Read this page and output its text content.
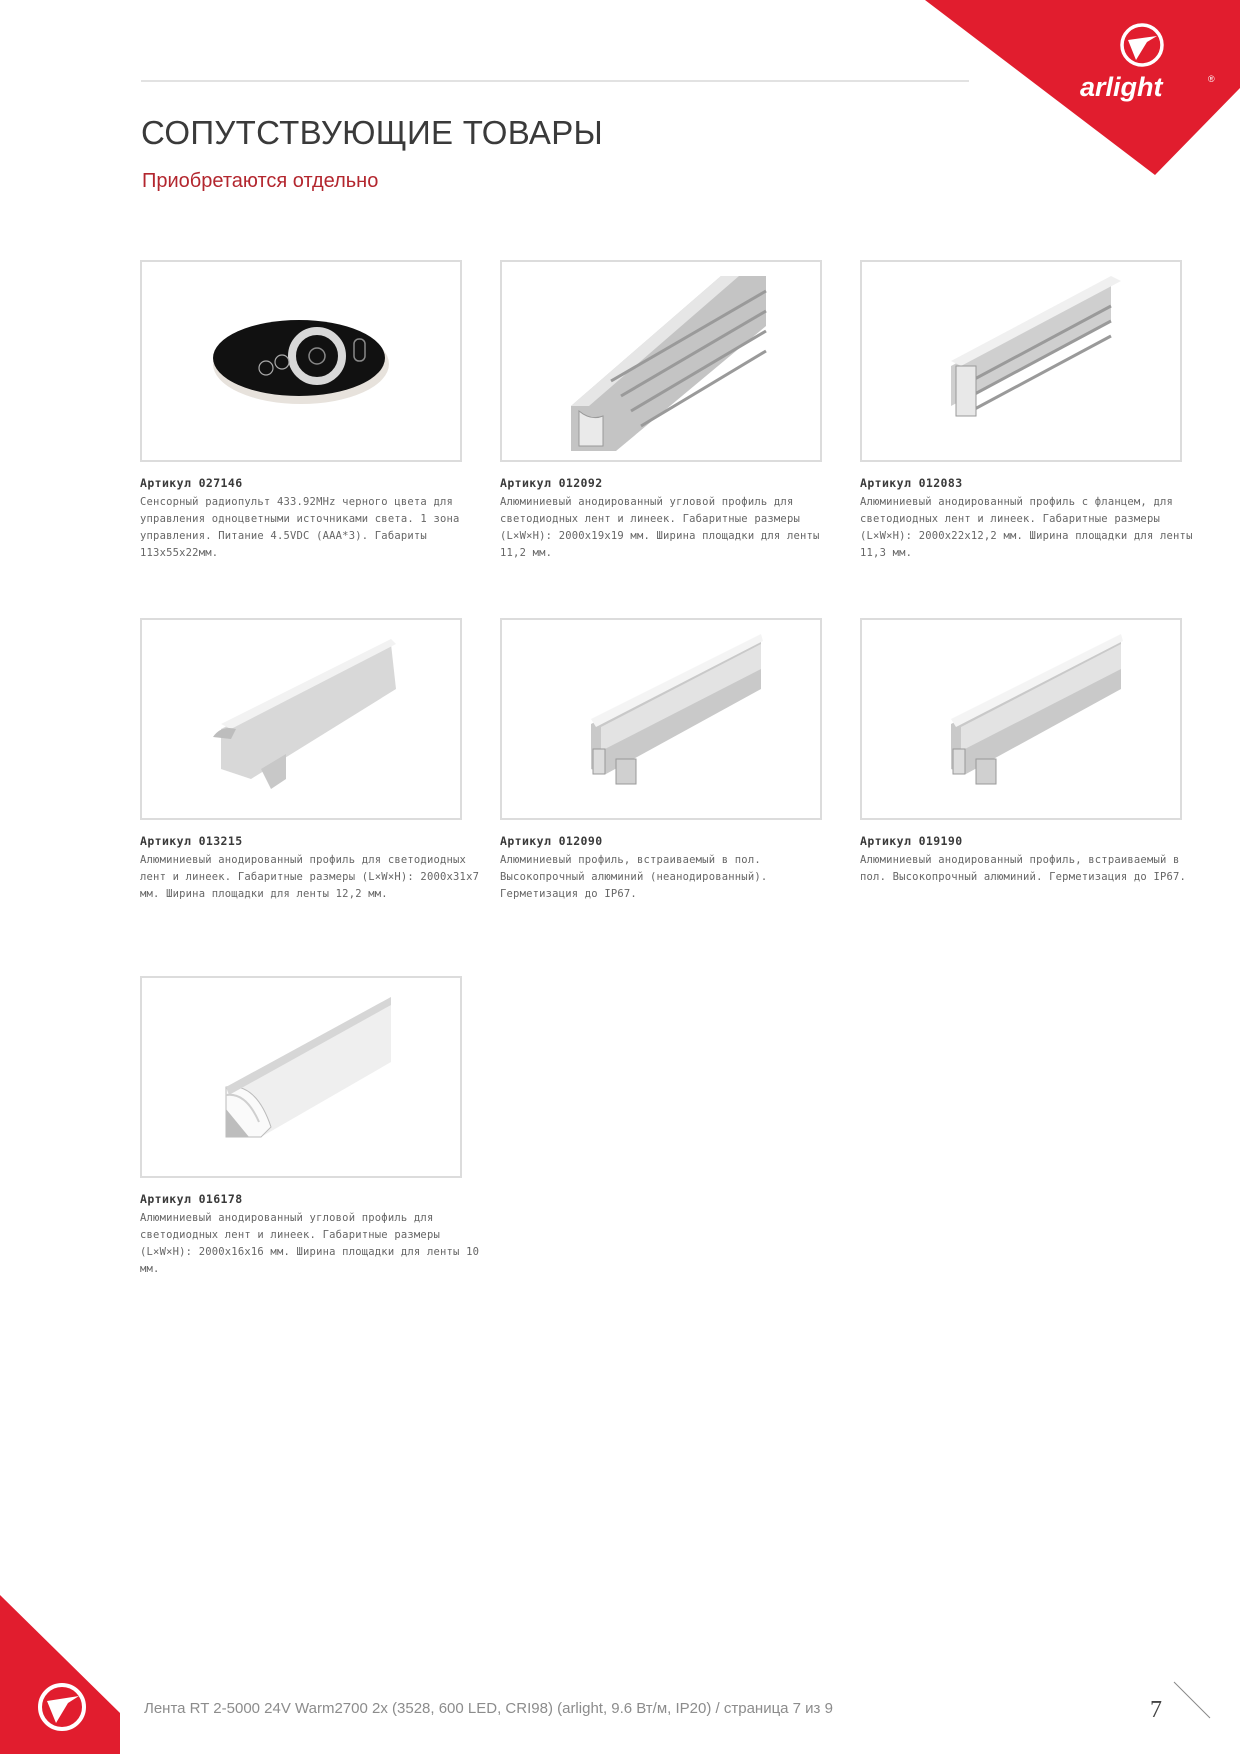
arlight	®
СОПУТСТВУЮЩИЕ ТОВАРЫ
Приобретаются отдельно
Артикул 027146
Сенсорный радиопульт 433.92MHz черного цвета для управления одноцветными источниками света. 1 зона управления. Питание 4.5VDC (AAA*3). Габариты 113x55x22мм.
Артикул 012092
Алюминиевый анодированный угловой профиль для светодиодных лент и линеек. Габаритные размеры (L×W×H): 2000x19x19 мм. Ширина площадки для ленты 11,2 мм.
Артикул 012083
Алюминиевый анодированный профиль с фланцем, для светодиодных лент и линеек. Габаритные размеры (L×W×H): 2000x22x12,2 мм. Ширина площадки для ленты 11,3 мм.
Артикул 013215
Алюминиевый анодированный профиль для светодиодных лент и линеек. Габаритные размеры (L×W×H): 2000x31x7 мм. Ширина площадки для ленты 12,2 мм.
Артикул 012090
Алюминиевый профиль, встраиваемый в пол. Высокопрочный алюминий (неанодированный). Герметизация до IP67.
Артикул 019190
Алюминиевый анодированный профиль, встраиваемый в пол. Высокопрочный алюминий. Герметизация до IP67.
Артикул 016178
Алюминиевый анодированный угловой профиль для светодиодных лент и линеек. Габаритные размеры (L×W×H): 2000x16x16 мм. Ширина площадки для ленты 10 мм.
Лента RT 2-5000 24V Warm2700 2x (3528, 600 LED, CRI98) (arlight, 9.6 Вт/м, IP20) / страница 7 из 9	7
